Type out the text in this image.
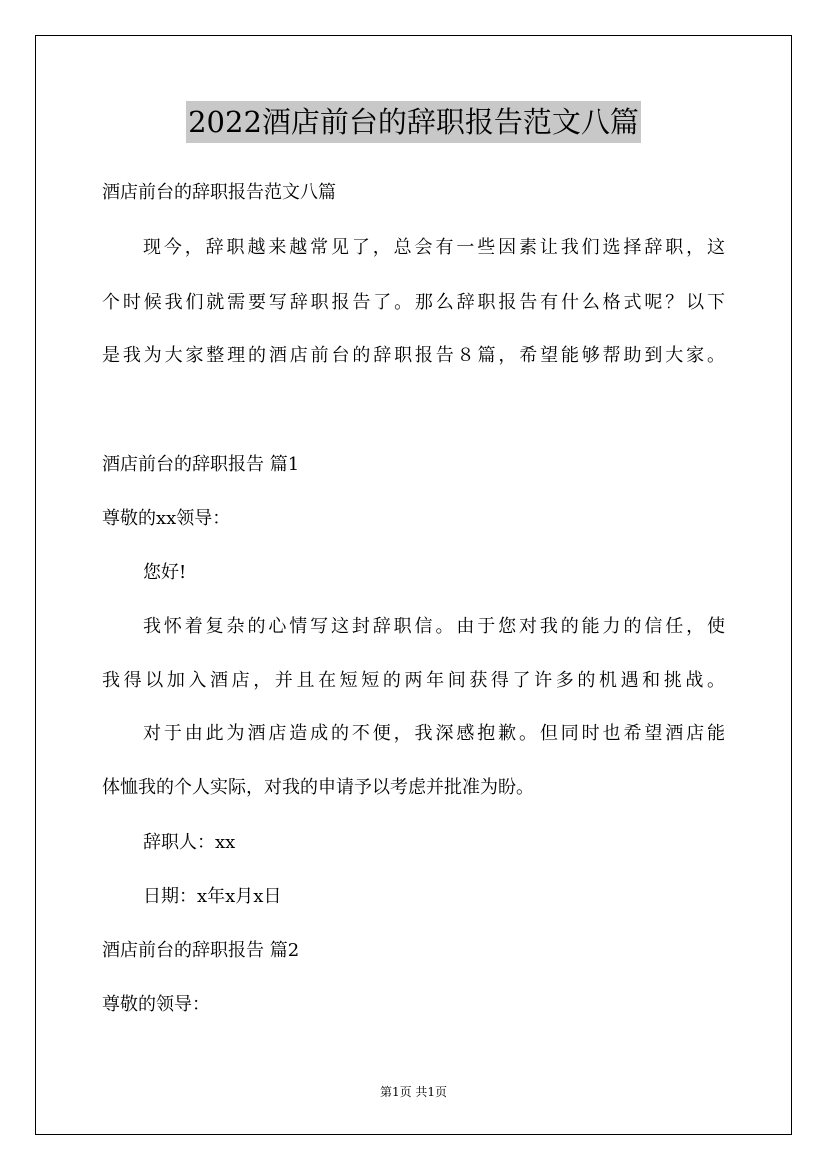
2022酒店前台的辞职报告范文八篇
酒店前台的辞职报告范文八篇
现今，辞职越来越常见了，总会有一些因素让我们选择辞职，这
个时候我们就需要写辞职报告了。那么辞职报告有什么格式呢？以下
是我为大家整理的酒店前台的辞职报告８篇，希望能够帮助到大家。
酒店前台的辞职报告 篇1
尊敬的xx领导：
您好!
我怀着复杂的心情写这封辞职信。由于您对我的能力的信任，使
我得以加入酒店，并且在短短的两年间获得了许多的机遇和挑战。
对于由此为酒店造成的不便，我深感抱歉。但同时也希望酒店能
体恤我的个人实际，对我的申请予以考虑并批准为盼。
辞职人：xx
日期：x年x月x日
酒店前台的辞职报告 篇2
尊敬的领导：
第1页 共1页
